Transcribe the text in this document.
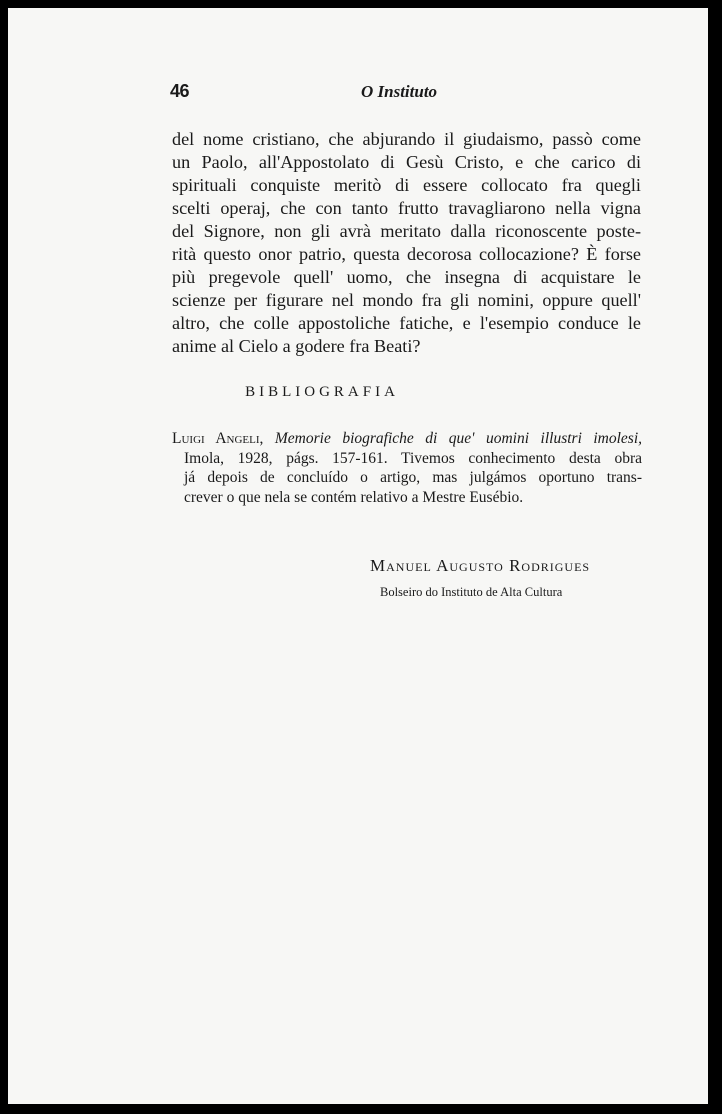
46	O Instituto
del nome cristiano, che abjurando il giudaismo, passò come
un Paolo, all'Appostolato di Gesù Cristo, e che carico di
spirituali conquiste meritò di essere collocato fra quegli
scelti operaj, che con tanto frutto travagliarono nella vigna
del Signore, non gli avrà meritato dalla riconoscente poste-
rità questo onor patrio, questa decorosa collocazione? È forse
più pregevole quell' uomo, che insegna di acquistare le
scienze per figurare nel mondo fra gli nomini, oppure quell'
altro, che colle appostoliche fatiche, e l'esempio conduce le
anime al Cielo a godere fra Beati?
BIBLIOGRAFIA
Luigi Angeli, Memorie biografiche di que' uomini illustri imolesi,
Imola, 1928, págs. 157-161. Tivemos conhecimento desta obra
já depois de concluído o artigo, mas julgámos oportuno trans-
crever o que nela se contém relativo a Mestre Eusébio.
Manuel Augusto Rodrigues
Bolseiro do Instituto de Alta Cultura
